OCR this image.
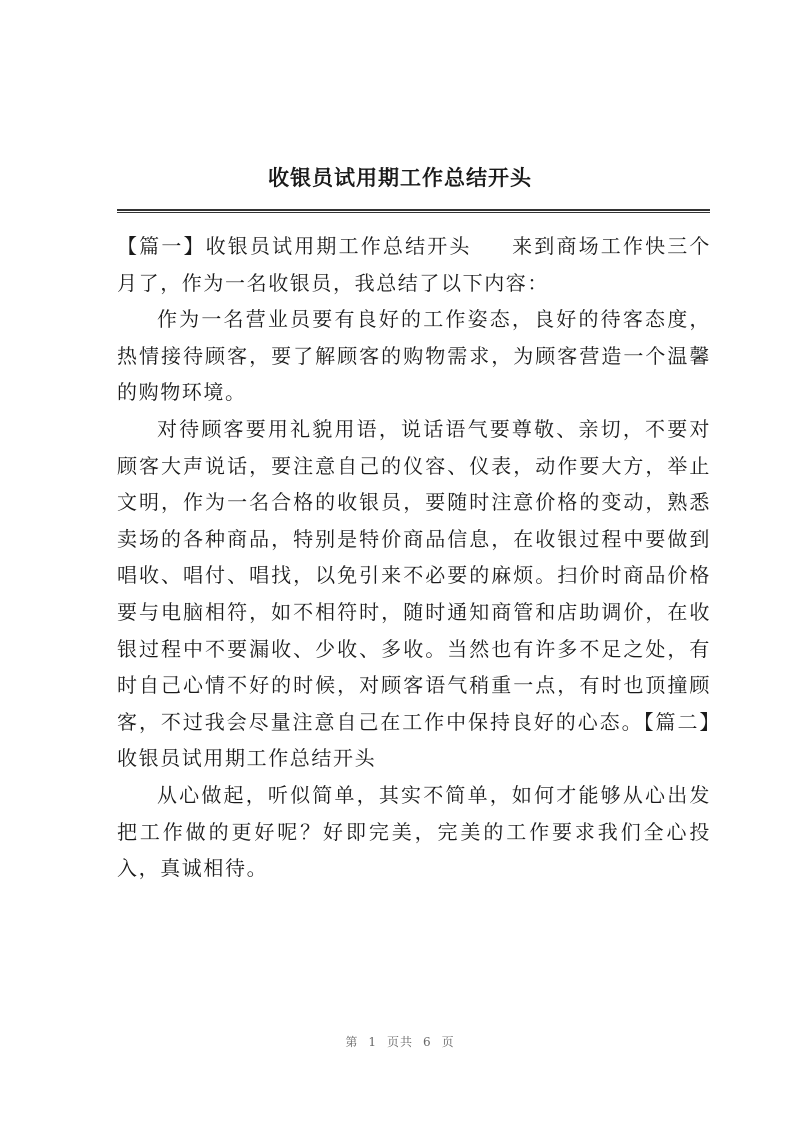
收银员试用期工作总结开头

【篇一】收银员试用期工作总结开头 来到商场工作快三个月了，作为一名收银员，我总结了以下内容：

作为一名营业员要有良好的工作姿态，良好的待客态度，热情接待顾客，要了解顾客的购物需求，为顾客营造一个温馨的购物环境。

对待顾客要用礼貌用语，说话语气要尊敬、亲切，不要对顾客大声说话，要注意自己的仪容、仪表，动作要大方，举止文明，作为一名合格的收银员，要随时注意价格的变动，熟悉卖场的各种商品，特别是特价商品信息，在收银过程中要做到唱收、唱付、唱找，以免引来不必要的麻烦。扫价时商品价格要与电脑相符，如不相符时，随时通知商管和店助调价，在收银过程中不要漏收、少收、多收。当然也有许多不足之处，有时自己心情不好的时候，对顾客语气稍重一点，有时也顶撞顾客，不过我会尽量注意自己在工作中保持良好的心态。【篇二】收银员试用期工作总结开头

从心做起，听似简单，其实不简单，如何才能够从心出发把工作做的更好呢？好即完美，完美的工作要求我们全心投入，真诚相待。

第 1 页共 6 页
